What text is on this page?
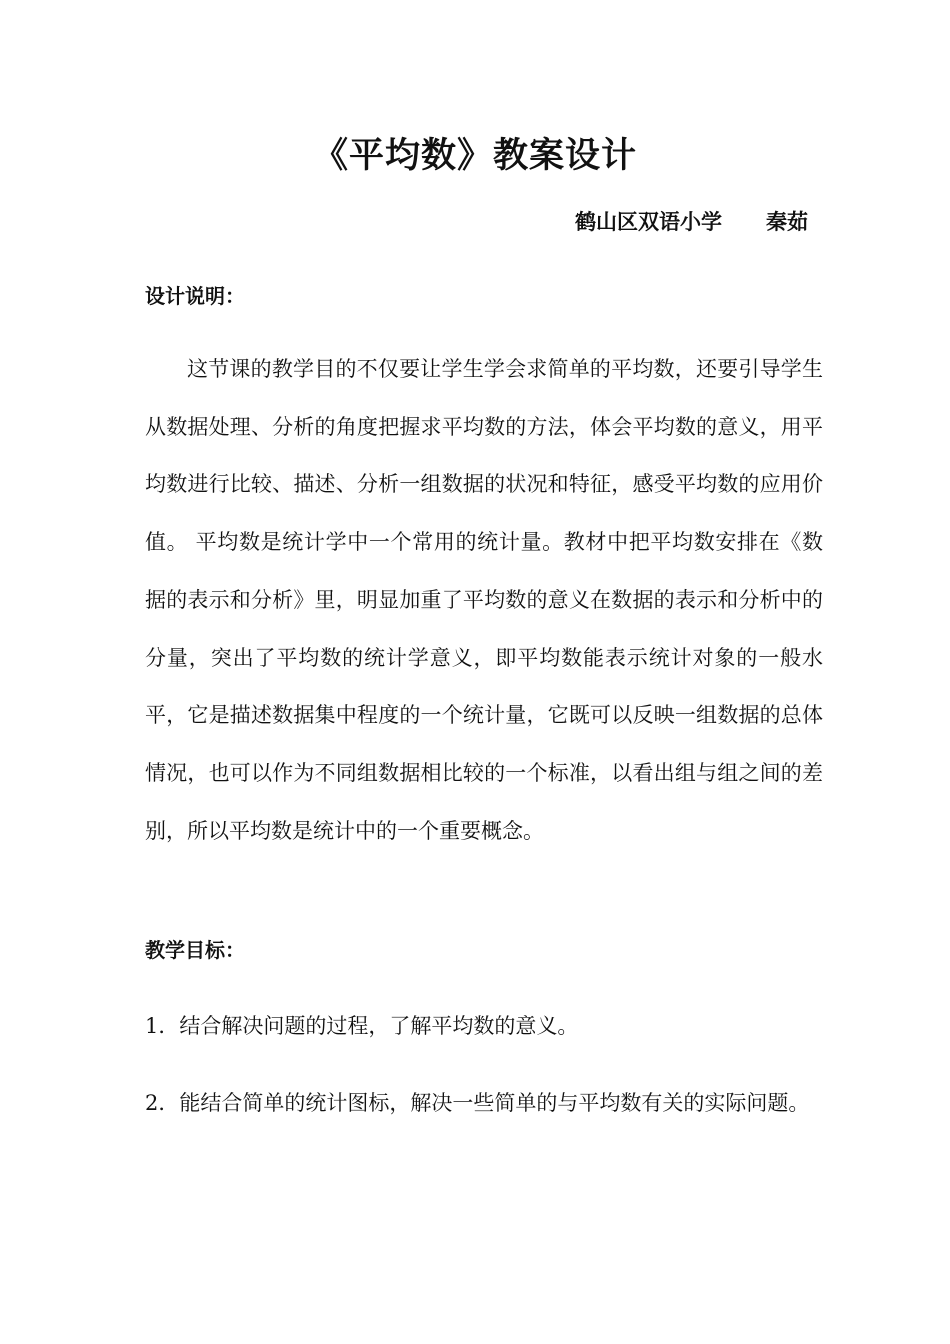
《平均数》教案设计
鹤山区双语小学 秦茹
设计说明：

这节课的教学目的不仅要让学生学会求简单的平均数，还要引导学生从数据处理、分析的角度把握求平均数的方法，体会平均数的意义，用平均数进行比较、描述、分析一组数据的状况和特征，感受平均数的应用价值。 平均数是统计学中一个常用的统计量。教材中把平均数安排在《数据的表示和分析》里，明显加重了平均数的意义在数据的表示和分析中的分量，突出了平均数的统计学意义，即平均数能表示统计对象的一般水平，它是描述数据集中程度的一个统计量，它既可以反映一组数据的总体情况，也可以作为不同组数据相比较的一个标准，以看出组与组之间的差别，所以平均数是统计中的一个重要概念。

教学目标：

1．结合解决问题的过程，了解平均数的意义。

2．能结合简单的统计图标，解决一些简单的与平均数有关的实际问题。
